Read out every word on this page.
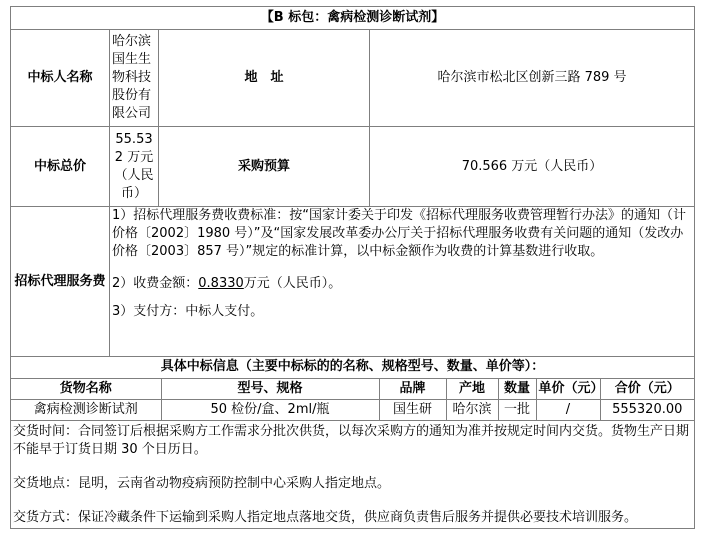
【B 标包：禽病检测诊断试剂】
中标人名称	哈尔滨国生生物科技股份有限公司	地　址	哈尔滨市松北区创新三路 789 号
中标总价	55.532 万元（人民币）	采购预算	70.566 万元（人民币）
招标代理服务费	
1）招标代理服务费收费标准：按“国家计委关于印发《招标代理服务收费管理暂行办法》的通知（计价格〔2002〕1980 号）”及“国家发展改革委办公厅关于招标代理服务收费有关问题的通知（发改办价格〔2003〕857 号）”规定的标准计算，以中标金额作为收费的计算基数进行收取。
2）收费金额：0.8330万元（人民币）。
3）支付方：中标人支付。

具体中标信息（主要中标标的的名称、规格型号、数量、单价等）：
货物名称	型号、规格	品牌	产地	数量	单价（元）	合价（元）
禽病检测诊断试剂	50 检份/盒、2ml/瓶	国生研	哈尔滨	一批	/	555320.00

交货时间：合同签订后根据采购方工作需求分批次供货，以每次采购方的通知为准并按规定时间内交货。货物生产日期不能早于订货日期 30 个日历日。
交货地点：昆明，云南省动物疫病预防控制中心采购人指定地点。
交货方式：保证冷藏条件下运输到采购人指定地点落地交货，供应商负责售后服务并提供必要技术培训服务。
